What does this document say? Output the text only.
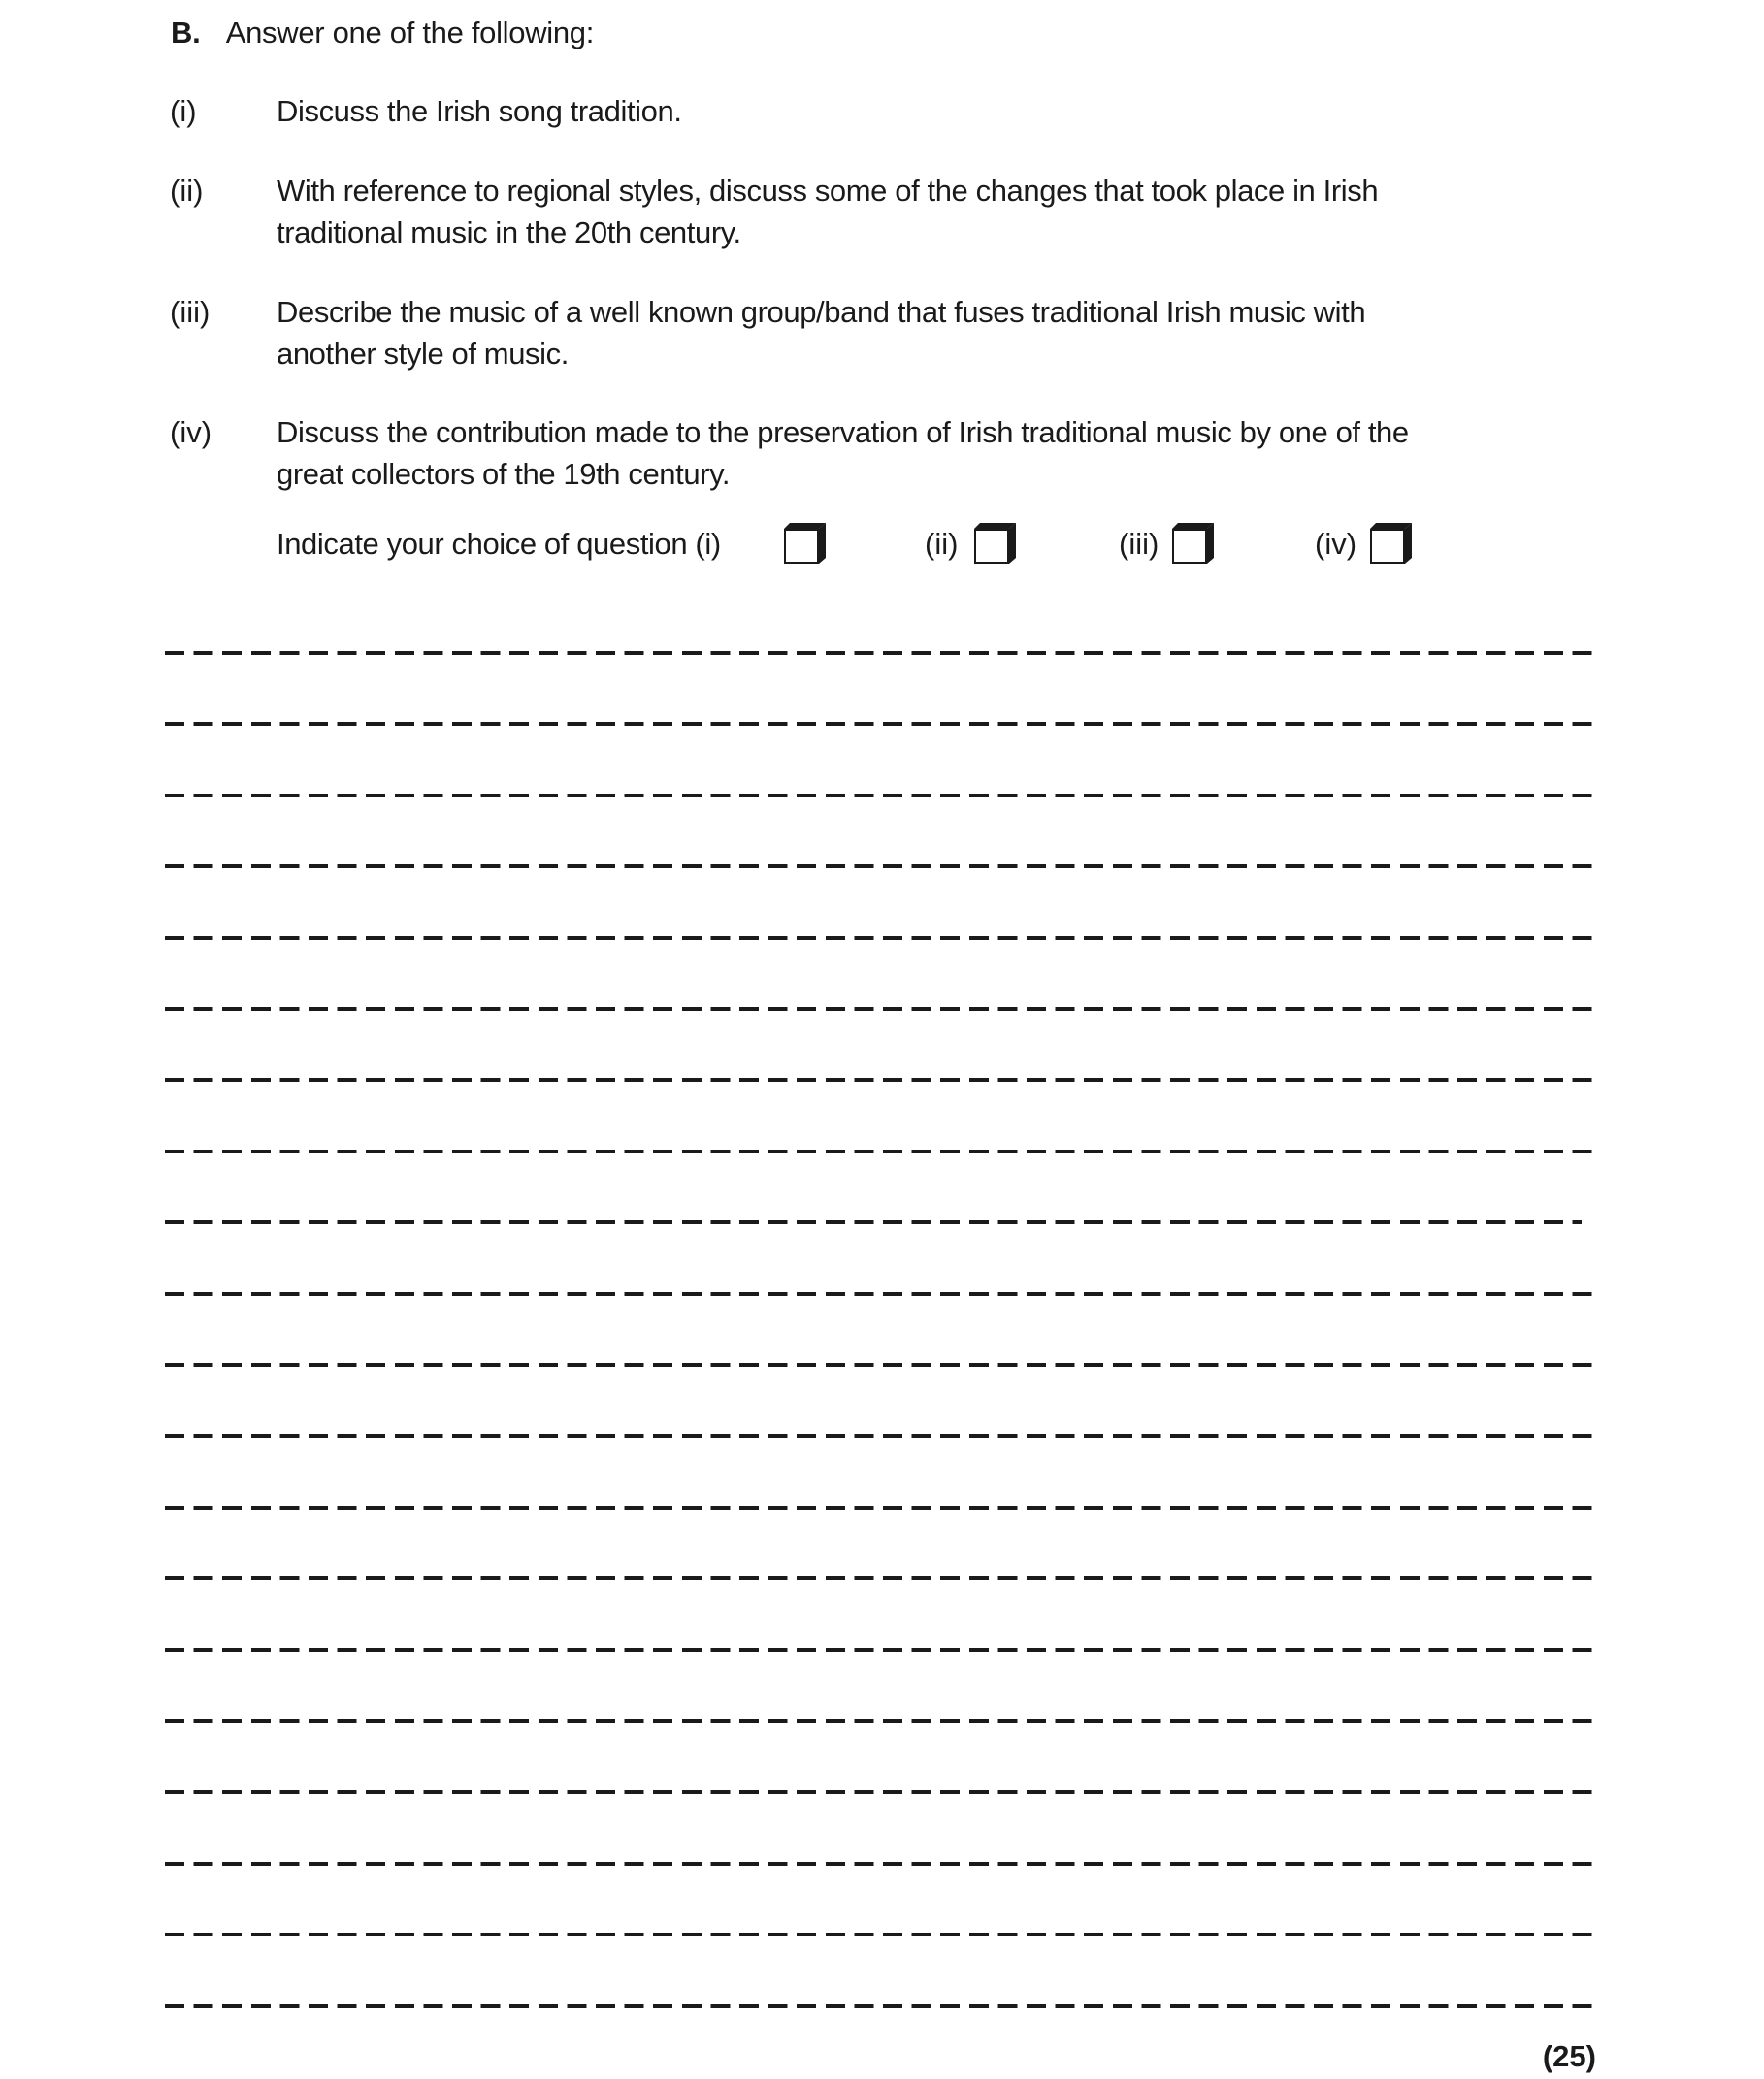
B. Answer one of the following:
(i)	Discuss the Irish song tradition.
(ii) With reference to regional styles, discuss some of the changes that took place in Irish
traditional music in the 20th century.
(iii) Describe the music of a well known group/band that fuses traditional Irish music with
another style of music.
(iv) Discuss the contribution made to the preservation of Irish traditional music by one of the
great collectors of the 19th century.
Indicate your choice of question (i)	(ii)	(iii)	(iv)
(25)
